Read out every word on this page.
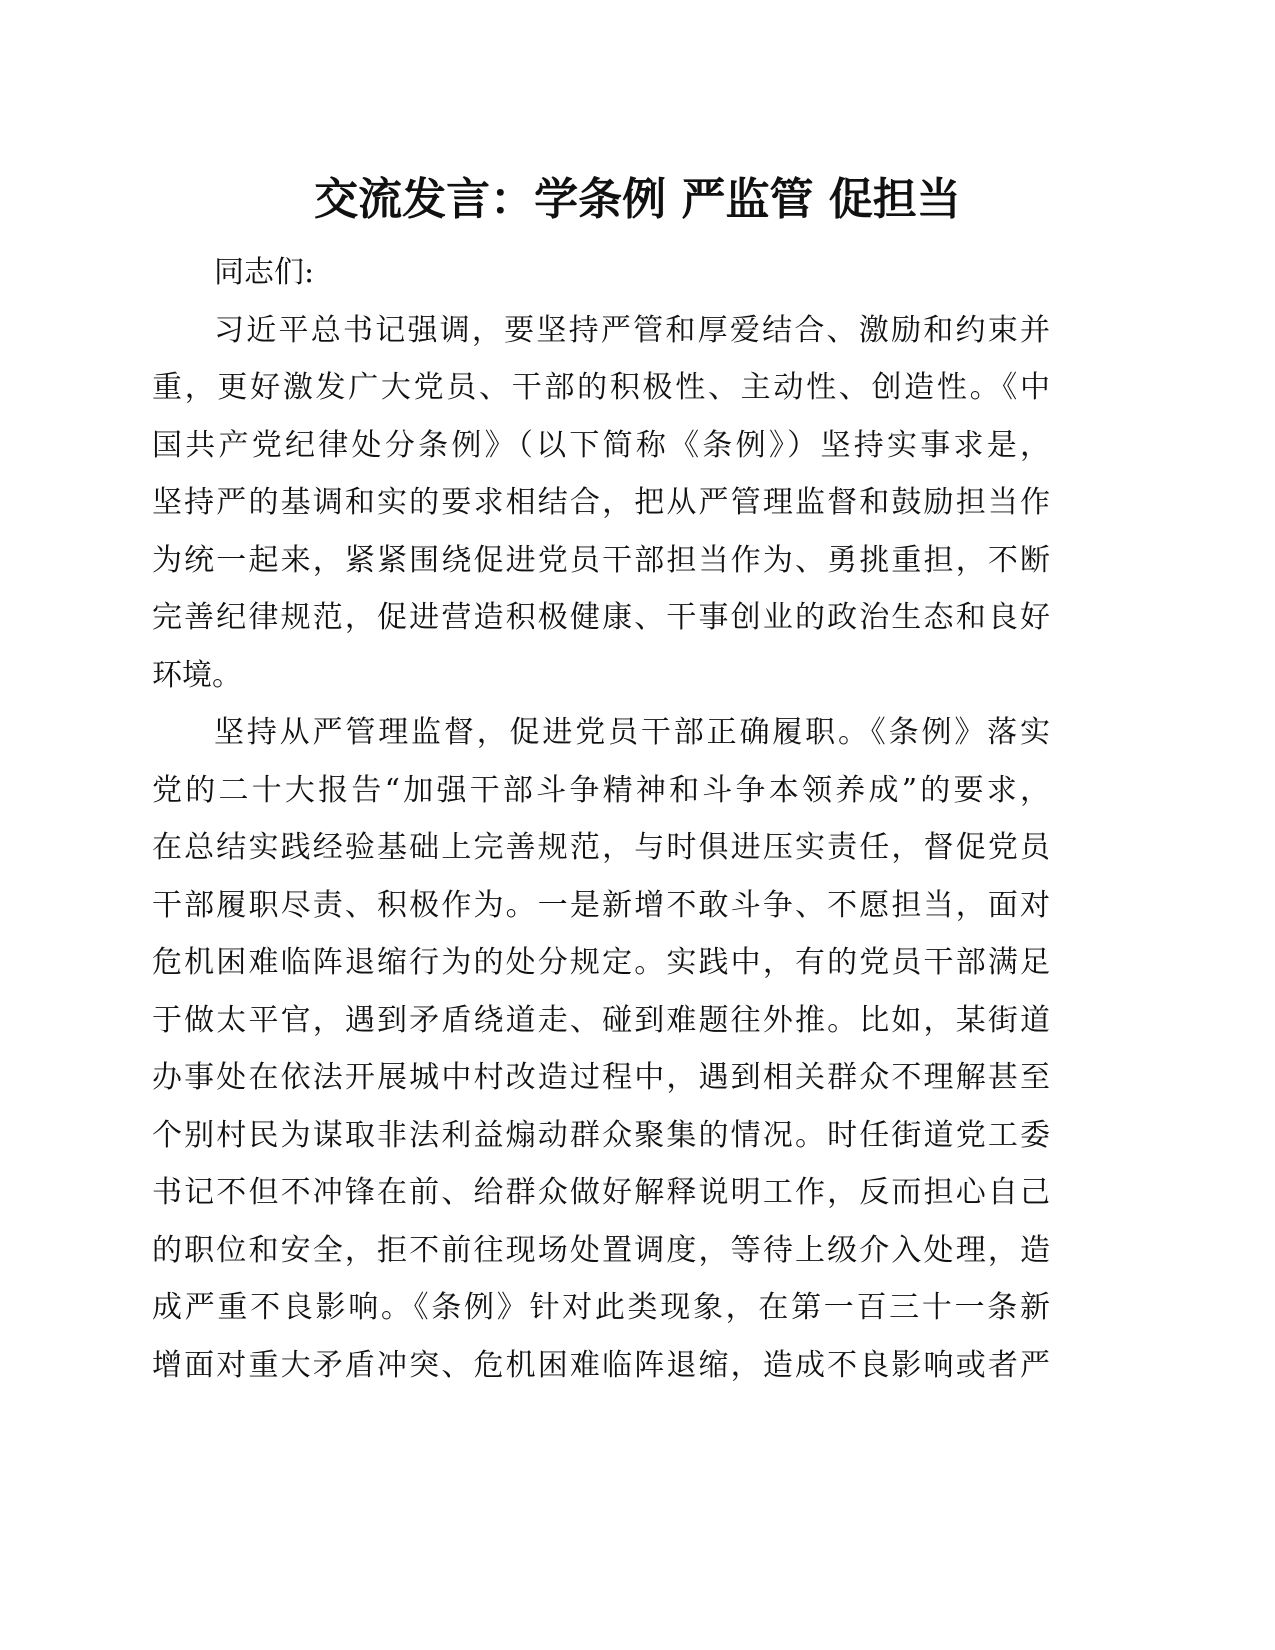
交流发言：学条例 严监管 促担当
同志们:
习近平总书记强调，要坚持严管和厚爱结合、激励和约束并
重，更好激发广大党员、干部的积极性、主动性、创造性。《中
国共产党纪律处分条例》（以下简称《条例》）坚持实事求是，
坚持严的基调和实的要求相结合，把从严管理监督和鼓励担当作
为统一起来，紧紧围绕促进党员干部担当作为、勇挑重担，不断
完善纪律规范，促进营造积极健康、干事创业的政治生态和良好
环境。
坚持从严管理监督，促进党员干部正确履职。《条例》落实
党的二十大报告“加强干部斗争精神和斗争本领养成”的要求，
在总结实践经验基础上完善规范，与时俱进压实责任，督促党员
干部履职尽责、积极作为。一是新增不敢斗争、不愿担当，面对
危机困难临阵退缩行为的处分规定。实践中，有的党员干部满足
于做太平官，遇到矛盾绕道走、碰到难题往外推。比如，某街道
办事处在依法开展城中村改造过程中，遇到相关群众不理解甚至
个别村民为谋取非法利益煽动群众聚集的情况。时任街道党工委
书记不但不冲锋在前、给群众做好解释说明工作，反而担心自己
的职位和安全，拒不前往现场处置调度，等待上级介入处理，造
成严重不良影响。《条例》针对此类现象，在第一百三十一条新
增面对重大矛盾冲突、危机困难临阵退缩，造成不良影响或者严
